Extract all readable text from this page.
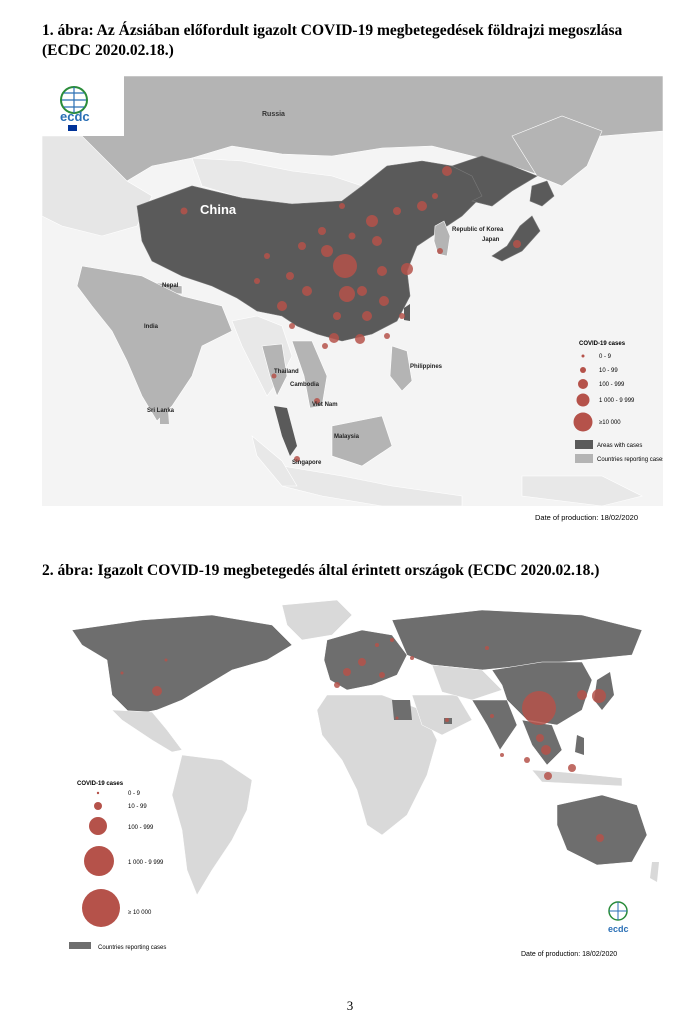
1. ábra: Az Ázsiában előfordult igazolt COVID-19 megbetegedések földrajzi megoszlása (ECDC 2020.02.18.)
Russia
China
Republic of Korea
Japan
Nepal
India
Thailand
Cambodia
Viet Nam
Philippines
Malaysia
Singapore
Sri Lanka
ecdc
COVID-19 cases
0 - 9
10 - 99
100 - 999
1 000 - 9 999
≥10 000
Areas with cases
Countries reporting cases
Date of production: 18/02/2020
2. ábra: Igazolt COVID-19 megbetegedés által érintett országok (ECDC 2020.02.18.)
COVID-19 cases
0 - 9
10 - 99
100 - 999
1 000 - 9 999
≥ 10 000
Countries reporting cases
ecdc
Date of production: 18/02/2020
3
